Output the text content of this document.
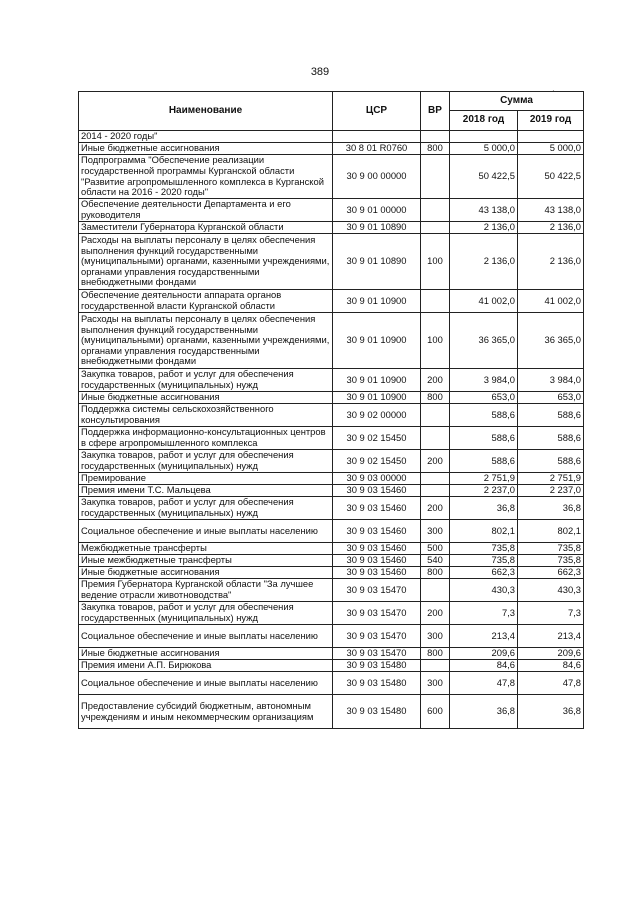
389
·
Наименование	ЦСР	ВР	Сумма	
			2018 год	2019 год
2014 - 2020 годы"				
Иные бюджетные ассигнования	30 8 01 R0760	800	5 000,0	5 000,0
Подпрограмма "Обеспечение реализации государственной программы Курганской области "Развитие агропромышленного комплекса в Курганской области на 2016 - 2020 годы"	30 9 00 00000		50 422,5	50 422,5
Обеспечение деятельности Департамента и его руководителя	30 9 01 00000		43 138,0	43 138,0
Заместители Губернатора Курганской области	30 9 01 10890		2 136,0	2 136,0
Расходы на выплаты персоналу в целях обеспечения выполнения функций государственными (муниципальными) органами, казенными учреждениями, органами управления государственными внебюджетными фондами	30 9 01 10890	100	2 136,0	2 136,0
Обеспечение деятельности аппарата органов государственной власти Курганской области	30 9 01 10900		41 002,0	41 002,0
Расходы на выплаты персоналу в целях обеспечения выполнения функций государственными (муниципальными) органами, казенными учреждениями, органами управления государственными внебюджетными фондами	30 9 01 10900	100	36 365,0	36 365,0
Закупка товаров, работ и услуг для обеспечения государственных (муниципальных) нужд	30 9 01 10900	200	3 984,0	3 984,0
Иные бюджетные ассигнования	30 9 01 10900	800	653,0	653,0
Поддержка системы сельскохозяйственного консультирования	30 9 02 00000		588,6	588,6
Поддержка информационно-консультационных центров в сфере агропромышленного комплекса	30 9 02 15450		588,6	588,6
Закупка товаров, работ и услуг для обеспечения государственных (муниципальных) нужд	30 9 02 15450	200	588,6	588,6
Премирование	30 9 03 00000		2 751,9	2 751,9
Премия имени Т.С. Мальцева	30 9 03 15460		2 237,0	2 237,0
Закупка товаров, работ и услуг для обеспечения государственных (муниципальных) нужд	30 9 03 15460	200	36,8	36,8
Социальное обеспечение и иные выплаты населению	30 9 03 15460	300	802,1	802,1
Межбюджетные трансферты	30 9 03 15460	500	735,8	735,8
Иные межбюджетные трансферты	30 9 03 15460	540	735,8	735,8
Иные бюджетные ассигнования	30 9 03 15460	800	662,3	662,3
Премия Губернатора Курганской области "За лучшее ведение отрасли животноводства"	30 9 03 15470		430,3	430,3
Закупка товаров, работ и услуг для обеспечения государственных (муниципальных) нужд	30 9 03 15470	200	7,3	7,3
Социальное обеспечение и иные выплаты населению	30 9 03 15470	300	213,4	213,4
Иные бюджетные ассигнования	30 9 03 15470	800	209,6	209,6
Премия имени А.П. Бирюкова	30 9 03 15480		84,6	84,6
Социальное обеспечение и иные выплаты населению	30 9 03 15480	300	47,8	47,8
Предоставление субсидий бюджетным, автономным учреждениям и иным некоммерческим организациям	30 9 03 15480	600	36,8	36,8
